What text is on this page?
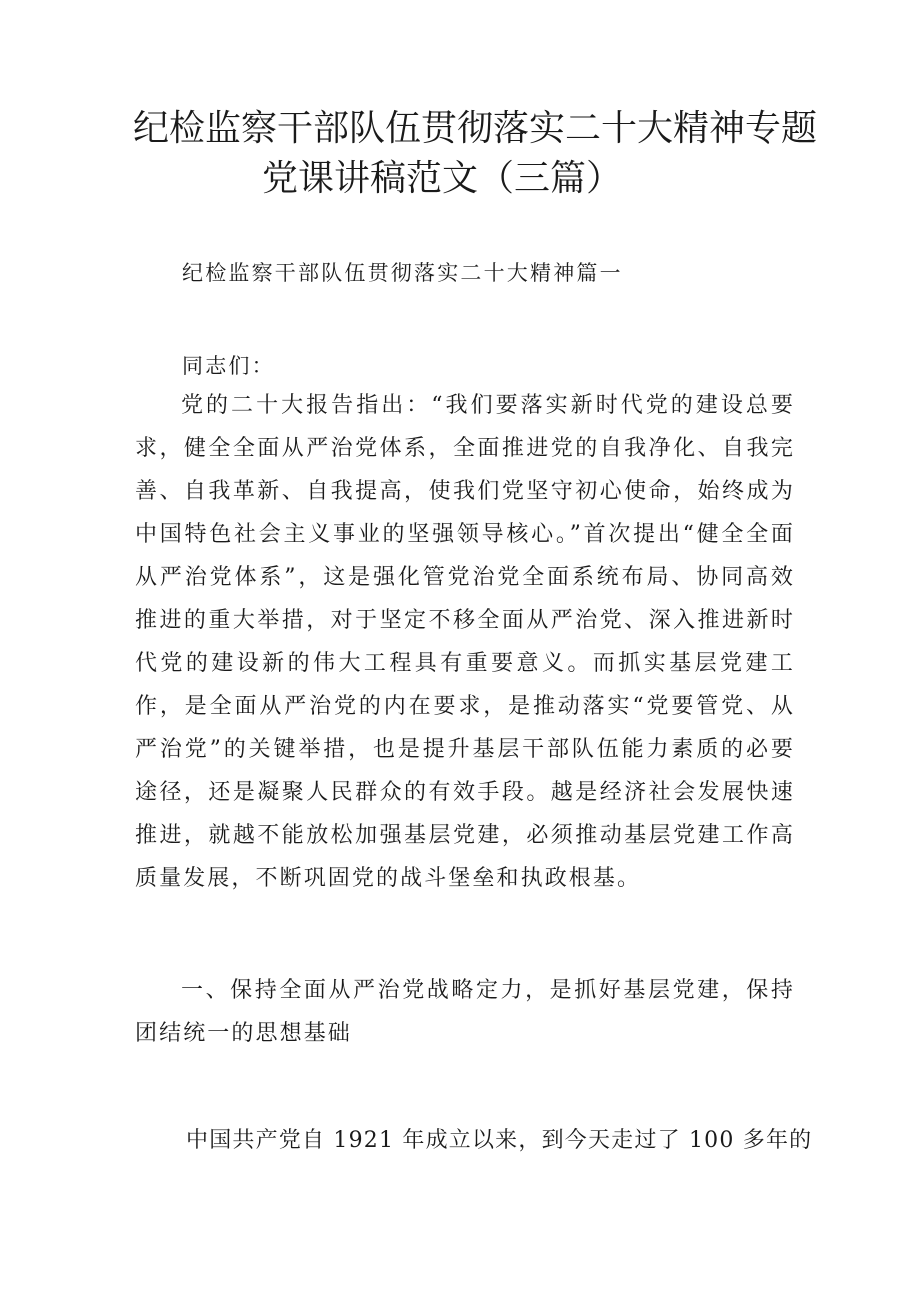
纪检监察干部队伍贯彻落实二十大精神专题
党课讲稿范文（三篇）
纪检监察干部队伍贯彻落实二十大精神篇一
同志们：

党的二十大报告指出：“我们要落实新时代党的建设总要求，健全全面从严治党体系，全面推进党的自我净化、自我完善、自我革新、自我提高，使我们党坚守初心使命，始终成为中国特色社会主义事业的坚强领导核心。”首次提出“健全全面从严治党体系”，这是强化管党治党全面系统布局、协同高效推进的重大举措，对于坚定不移全面从严治党、深入推进新时代党的建设新的伟大工程具有重要意义。而抓实基层党建工作，是全面从严治党的内在要求，是推动落实“党要管党、从严治党”的关键举措，也是提升基层干部队伍能力素质的必要途径，还是凝聚人民群众的有效手段。越是经济社会发展快速推进，就越不能放松加强基层党建，必须推动基层党建工作高质量发展，不断巩固党的战斗堡垒和执政根基。

一、保持全面从严治党战略定力，是抓好基层党建，保持团结统一的思想基础

中国共产党自 1921 年成立以来，到今天走过了 100 多年的
